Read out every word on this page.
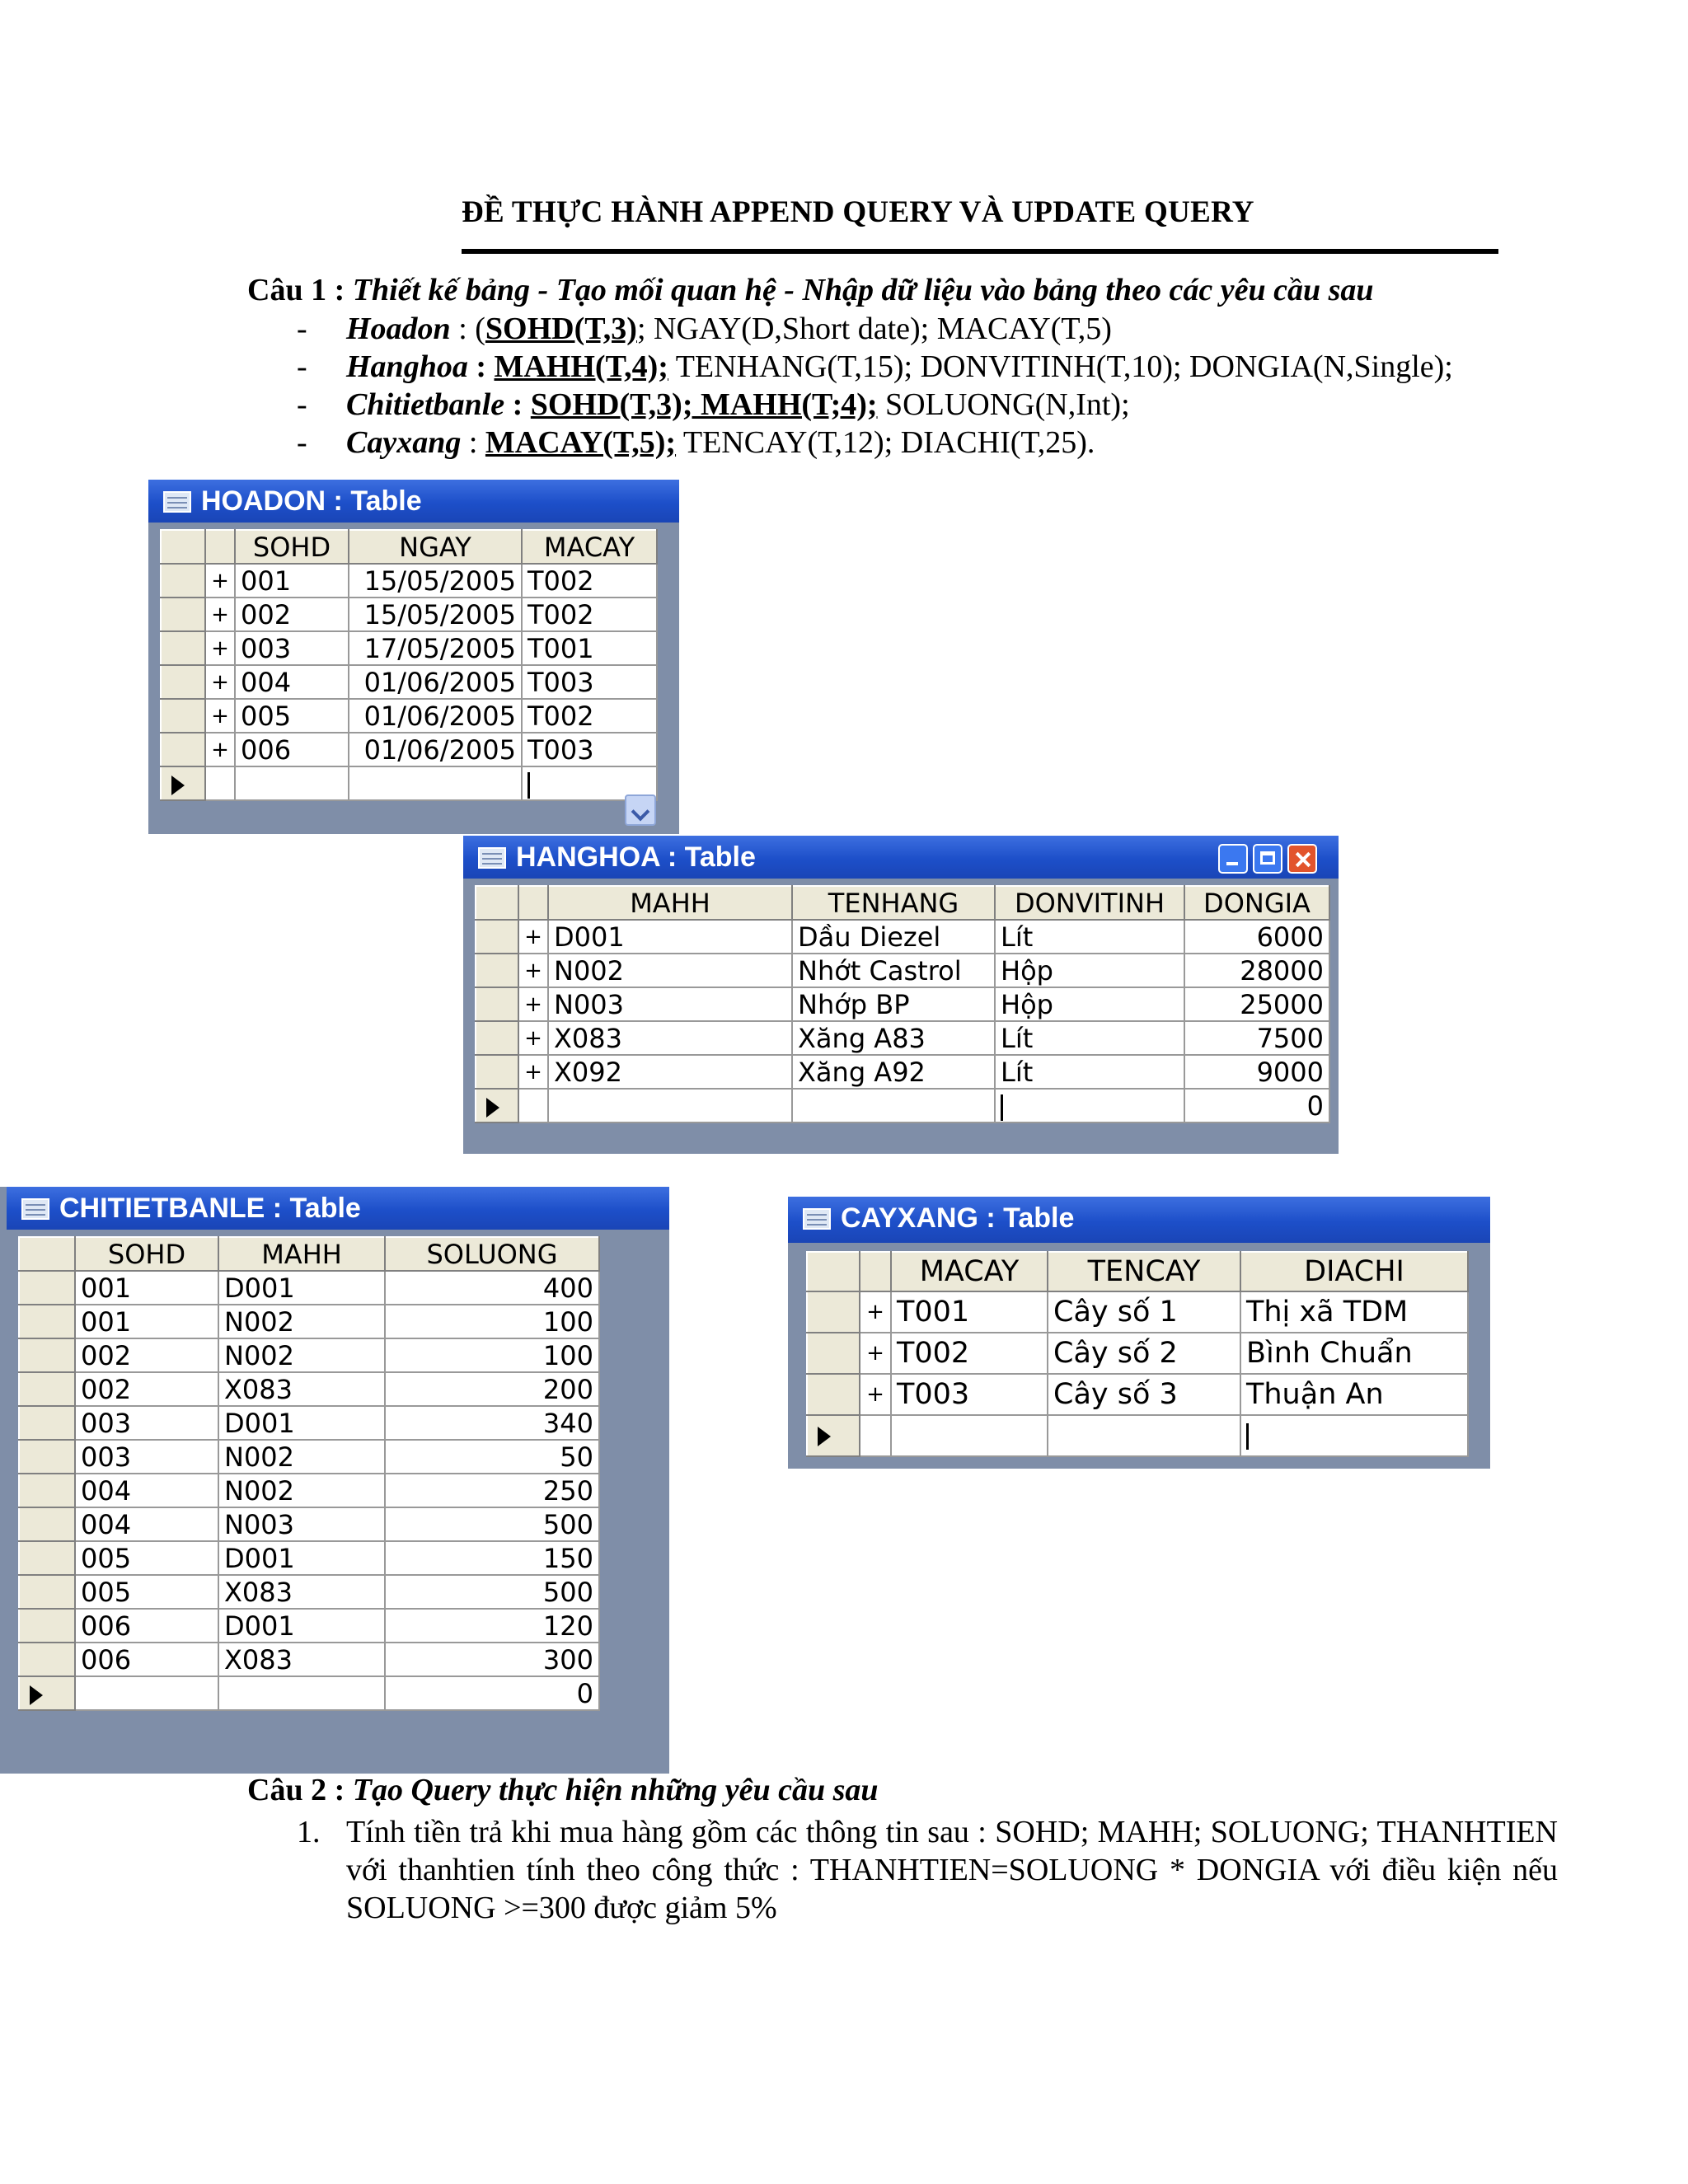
ĐỀ THỰC HÀNH APPEND QUERY VÀ UPDATE QUERY
Câu 1 : Thiết kế bảng - Tạo mối quan hệ - Nhập dữ liệu vào bảng theo các yêu cầu sau
- Hoadon : (SOHD(T,3); NGAY(D,Short date); MACAY(T,5)
- Hanghoa : MAHH(T,4); TENHANG(T,15); DONVITINH(T,10); DONGIA(N,Single);
- Chitietbanle : SOHD(T,3); MAHH(T;4); SOLUONG(N,Int);
- Cayxang : MACAY(T,5); TENCAY(T,12); DIACHI(T,25).
HOADON : Table
		SOHD	NGAY	MACAY
	+	001	15/05/2005	T002
	+	002	15/05/2005	T002
	+	003	17/05/2005	T001
	+	004	01/06/2005	T003
	+	005	01/06/2005	T002
	+	006	01/06/2005	T003

HANGHOA : Table
		MAHH	TENHANG	DONVITINH	DONGIA
	+	D001	Dầu Diezel	Lít	6000
	+	N002	Nhớt Castrol	Hộp	28000
	+	N003	Nhớp BP	Hộp	25000
	+	X083	Xăng A83	Lít	7500
	+	X092	Xăng A92	Lít	9000
					0
CHITIETBANLE : Table
	SOHD	MAHH	SOLUONG
	001	D001	400
	001	N002	100
	002	N002	100
	002	X083	200
	003	D001	340
	003	N002	50
	004	N002	250
	004	N003	500
	005	D001	150
	005	X083	500
	006	D001	120
	006	X083	300
			0
CAYXANG : Table
		MACAY	TENCAY	DIACHI
	+	T001	Cây số 1	Thị xã TDM
	+	T002	Cây số 2	Bình Chuẩn
	+	T003	Cây số 3	Thuận An

Câu 2 : Tạo Query thực hiện những yêu cầu sau
1. Tính tiền trả khi mua hàng gồm các thông tin sau : SOHD; MAHH; SOLUONG; THANHTIEN với thanhtien tính theo công thức : THANHTIEN=SOLUONG * DONGIA với điều kiện nếu SOLUONG >=300 được giảm 5%
